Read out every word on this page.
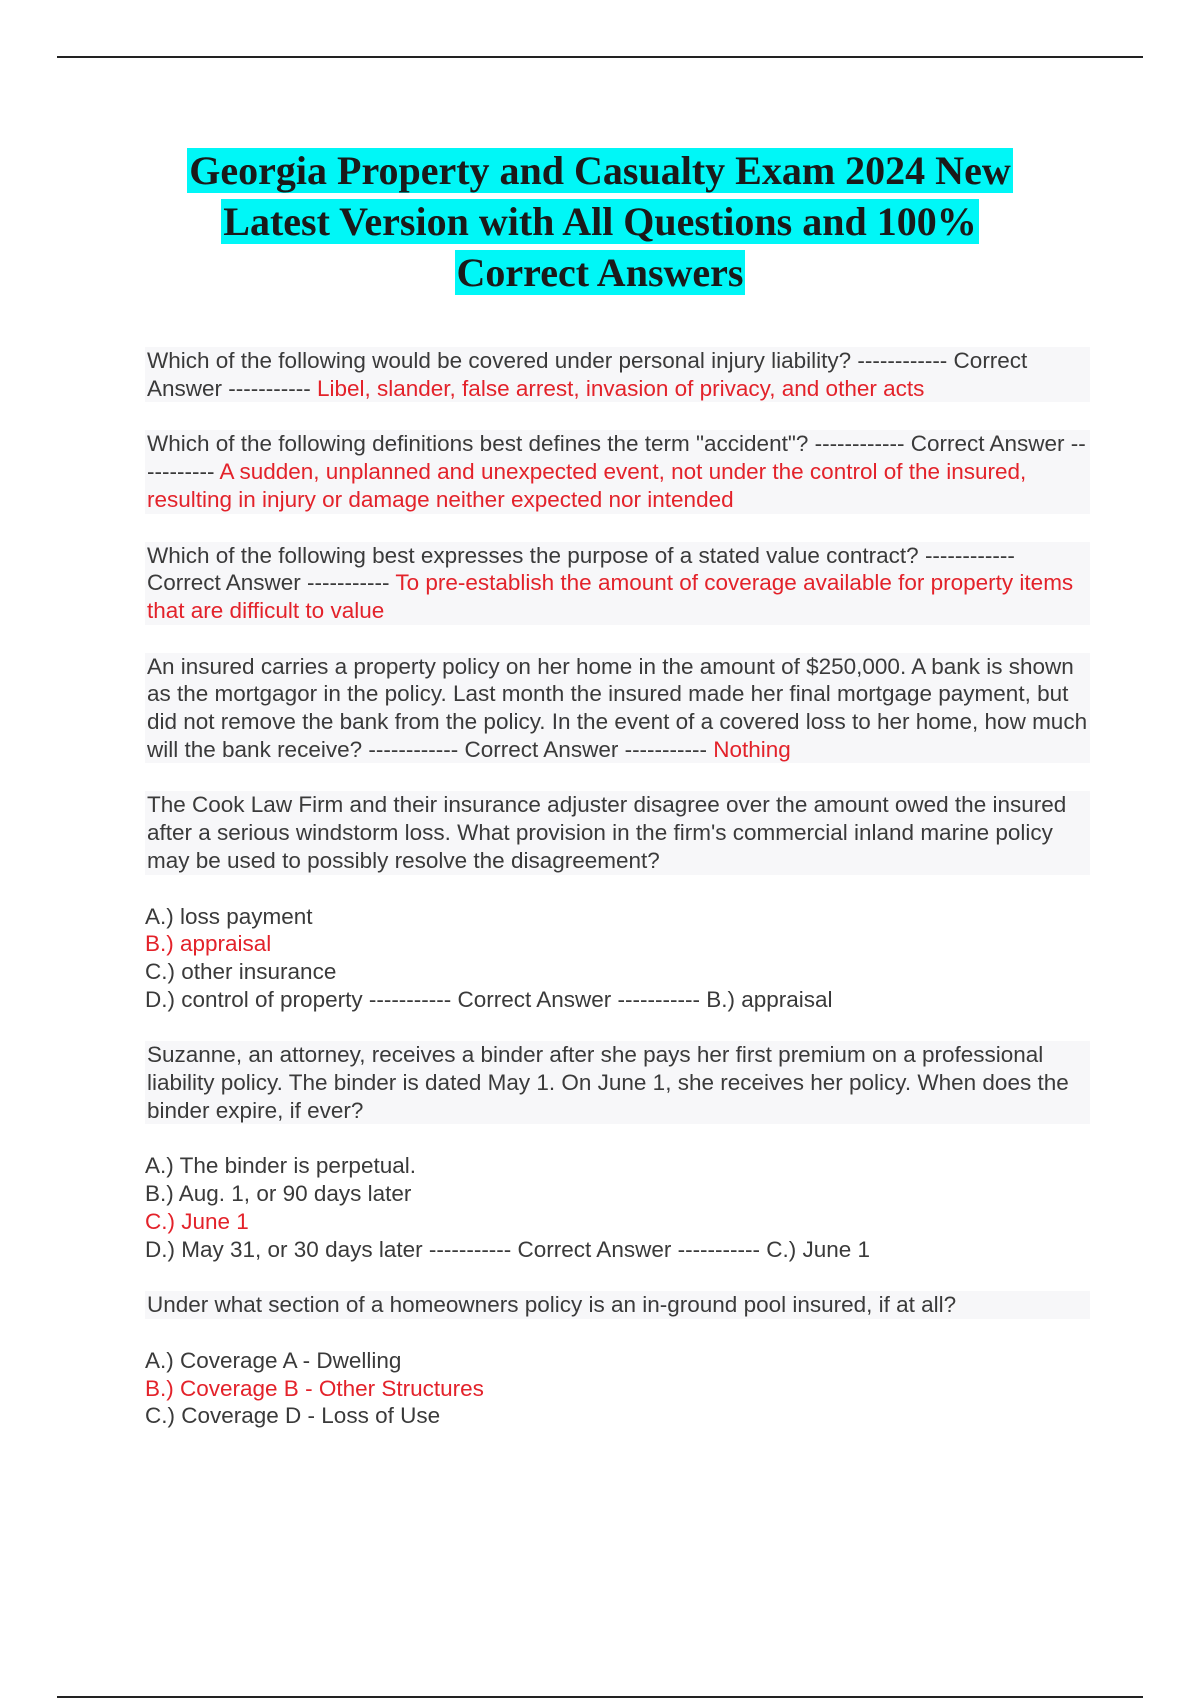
Georgia Property and Casualty Exam 2024 New
Latest Version with All Questions and 100%
Correct Answers

Which of the following would be covered under personal injury liability? ------------ Correct Answer ----------- Libel, slander, false arrest, invasion of privacy, and other acts

Which of the following definitions best defines the term "accident"? ------------ Correct Answer ----------- A sudden, unplanned and unexpected event, not under the control of the insured, resulting in injury or damage neither expected nor intended

Which of the following best expresses the purpose of a stated value contract? ------------ Correct Answer ----------- To pre-establish the amount of coverage available for property items that are difficult to value

An insured carries a property policy on her home in the amount of $250,000. A bank is shown as the mortgagor in the policy. Last month the insured made her final mortgage payment, but did not remove the bank from the policy. In the event of a covered loss to her home, how much will the bank receive? ------------ Correct Answer ----------- Nothing

The Cook Law Firm and their insurance adjuster disagree over the amount owed the insured after a serious windstorm loss. What provision in the firm's commercial inland marine policy may be used to possibly resolve the disagreement?

A.) loss payment
B.) appraisal
C.) other insurance
D.) control of property ----------- Correct Answer ----------- B.) appraisal

Suzanne, an attorney, receives a binder after she pays her first premium on a professional liability policy. The binder is dated May 1. On June 1, she receives her policy. When does the binder expire, if ever?

A.) The binder is perpetual.
B.) Aug. 1, or 90 days later
C.) June 1
D.) May 31, or 30 days later ----------- Correct Answer ----------- C.) June 1

Under what section of a homeowners policy is an in-ground pool insured, if at all?

A.) Coverage A - Dwelling
B.) Coverage B - Other Structures
C.) Coverage D - Loss of Use
